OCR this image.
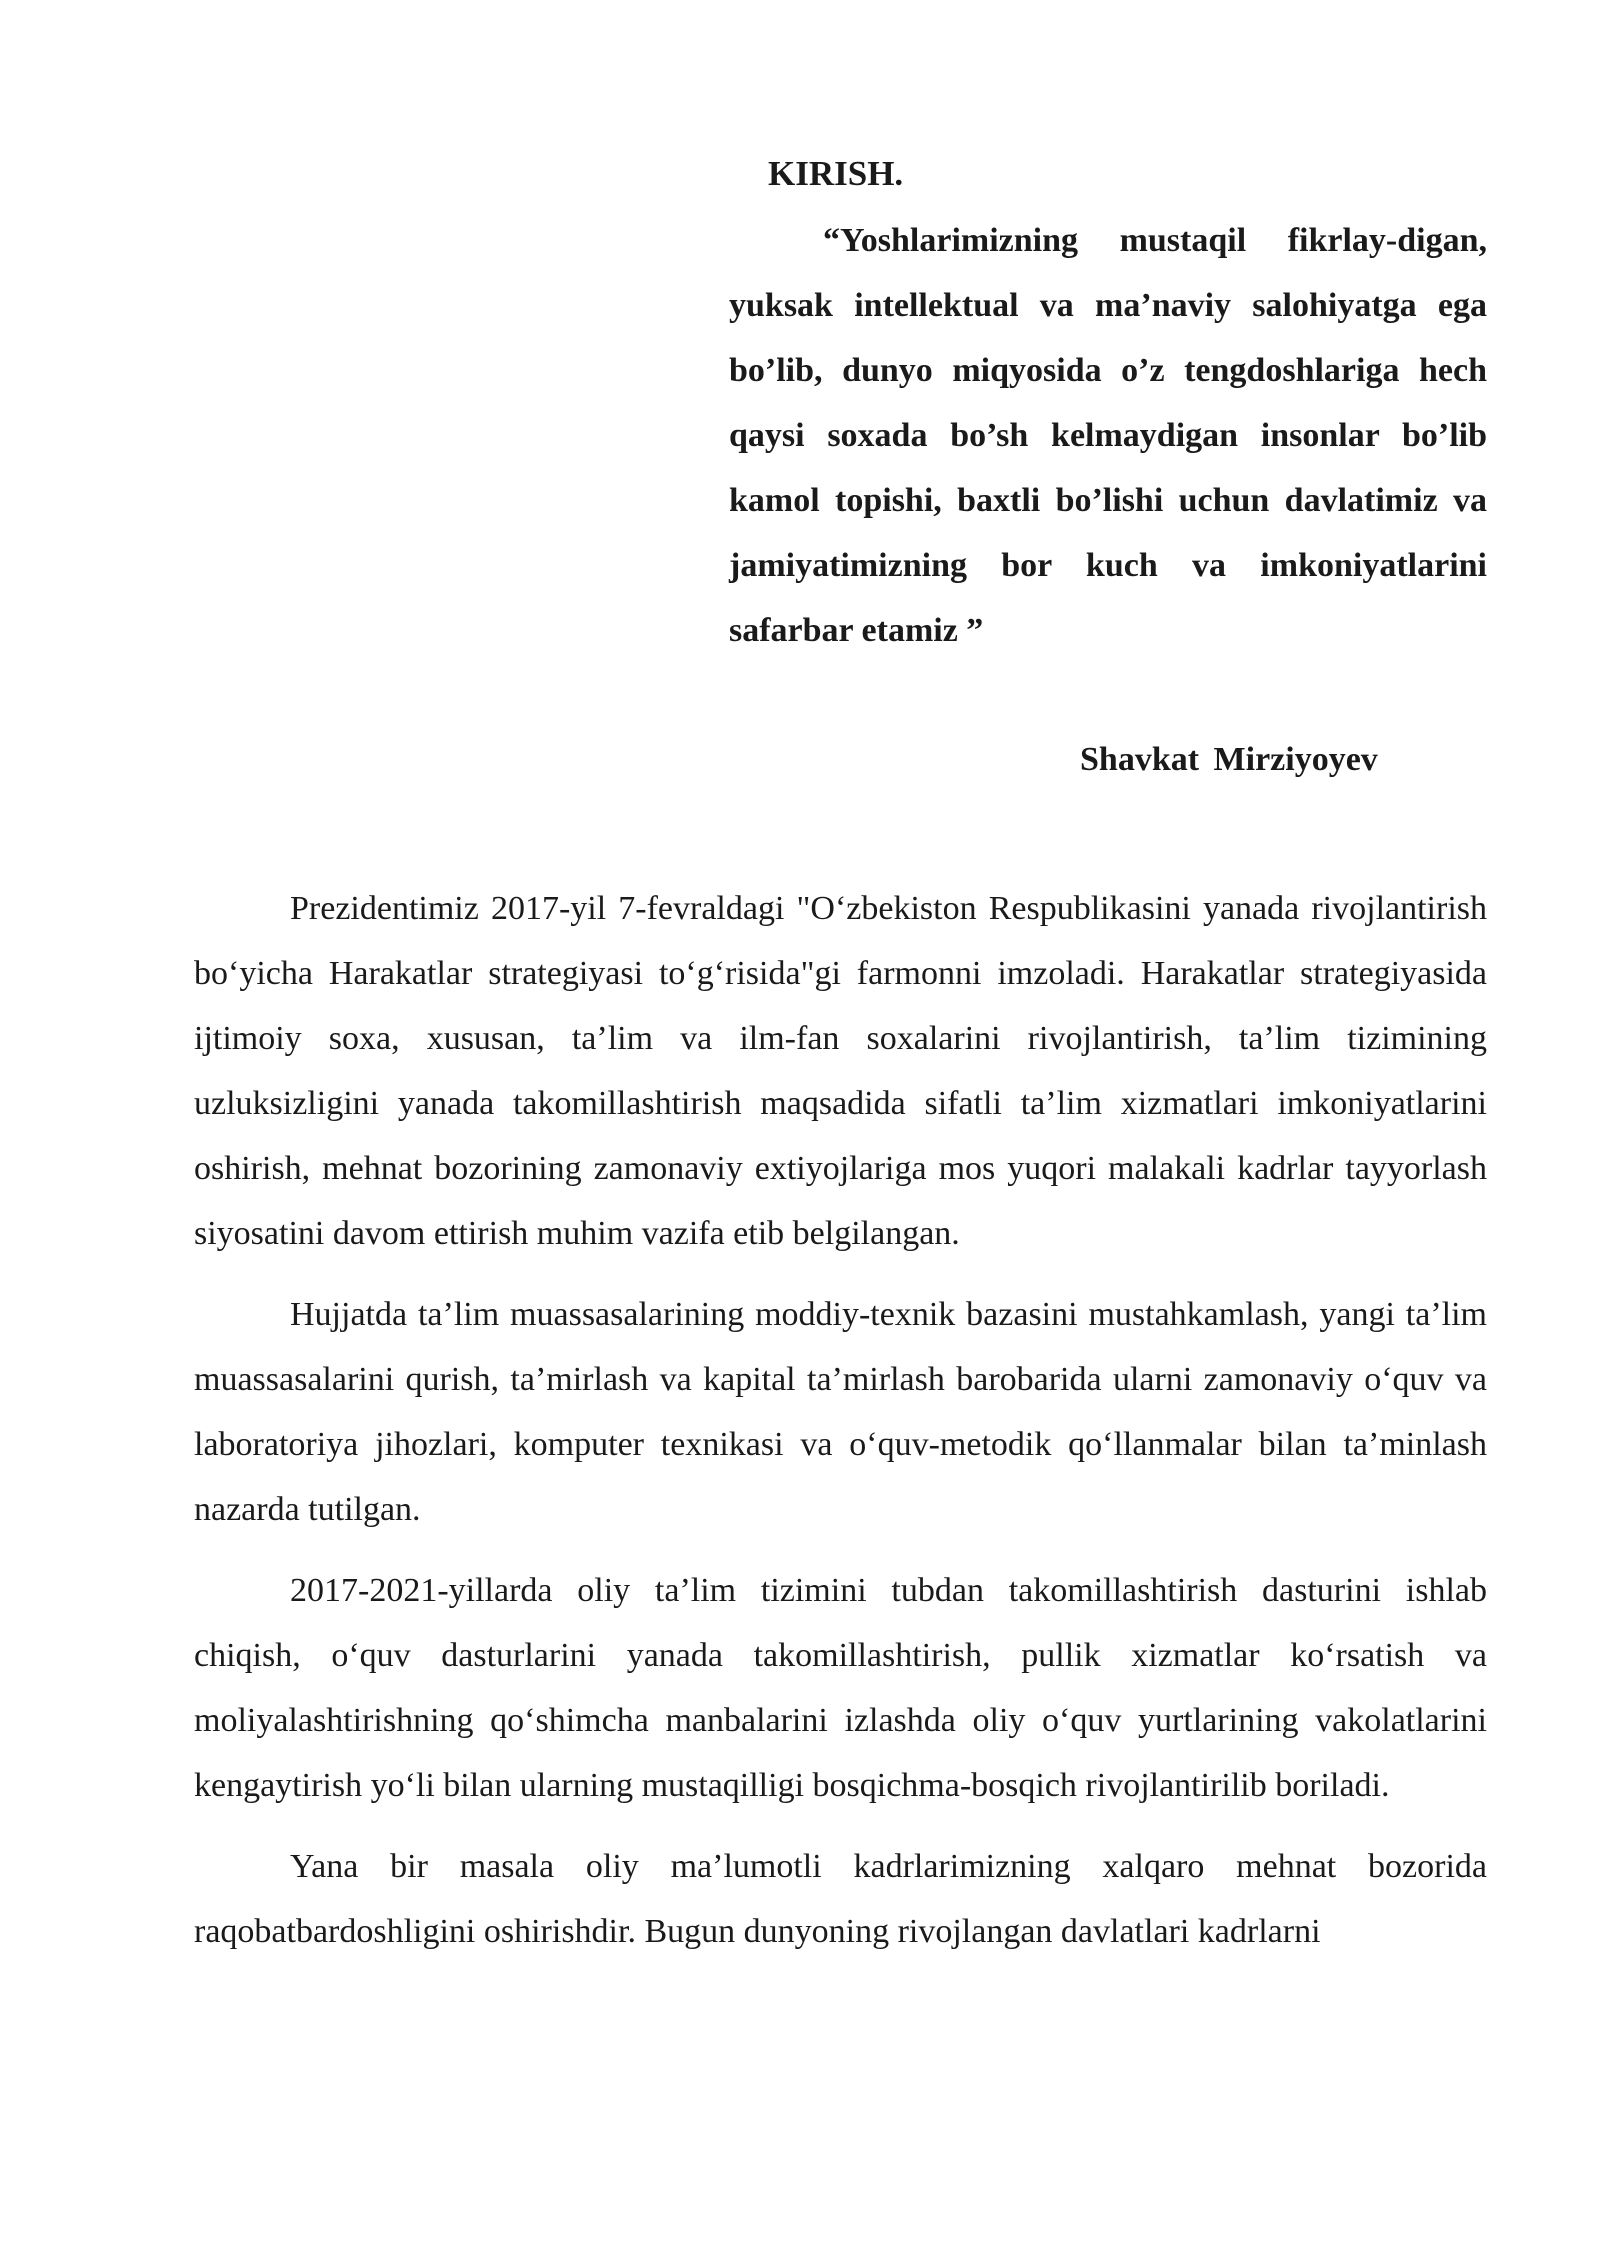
KIRISH.

“Yoshlarimizning mustaqil fikrlay-digan, yuksak intellektual va ma’naviy salohiyatga ega bo’lib, dunyo miqyosida o’z tengdoshlariga hech qaysi soxada bo’sh kelmaydigan insonlar bo’lib kamol topishi, baxtli bo’lishi uchun davlatimiz va jamiyatimizning bor kuch va imkoniyatlarini safarbar etamiz ”

Shavkat Mirziyoyev

Prezidentimiz 2017-yil 7-fevraldagi "O‘zbekiston Respublikasini yanada rivojlantirish bo‘yicha Harakatlar strategiyasi to‘g‘risida"gi farmonni imzoladi. Harakatlar strategiyasida ijtimoiy soxa, xususan, ta’lim va ilm-fan soxalarini rivojlantirish, ta’lim tizimining uzluksizligini yanada takomillashtirish maqsadida sifatli ta’lim xizmatlari imkoniyatlarini oshirish, mehnat bozorining zamonaviy extiyojlariga mos yuqori malakali kadrlar tayyorlash siyosatini davom ettirish muhim vazifa etib belgilangan.

Hujjatda ta’lim muassasalarining moddiy-texnik bazasini mustahkamlash, yangi ta’lim muassasalarini qurish, ta’mirlash va kapital ta’mirlash barobarida ularni zamonaviy o‘quv va laboratoriya jihozlari, komputer texnikasi va o‘quv-metodik qo‘llanmalar bilan ta’minlash nazarda tutilgan.

2017-2021-yillarda oliy ta’lim tizimini tubdan takomillashtirish dasturini ishlab chiqish, o‘quv dasturlarini yanada takomillashtirish, pullik xizmatlar ko‘rsatish va moliyalashtirishning qo‘shimcha manbalarini izlashda oliy o‘quv yurtlarining vakolatlarini kengaytirish yo‘li bilan ularning mustaqilligi bosqichma-bosqich rivojlantirilib boriladi.

Yana bir masala oliy ma’lumotli kadrlarimizning xalqaro mehnat bozorida raqobatbardoshligini oshirishdir. Bugun dunyoning rivojlangan davlatlari kadrlarni
